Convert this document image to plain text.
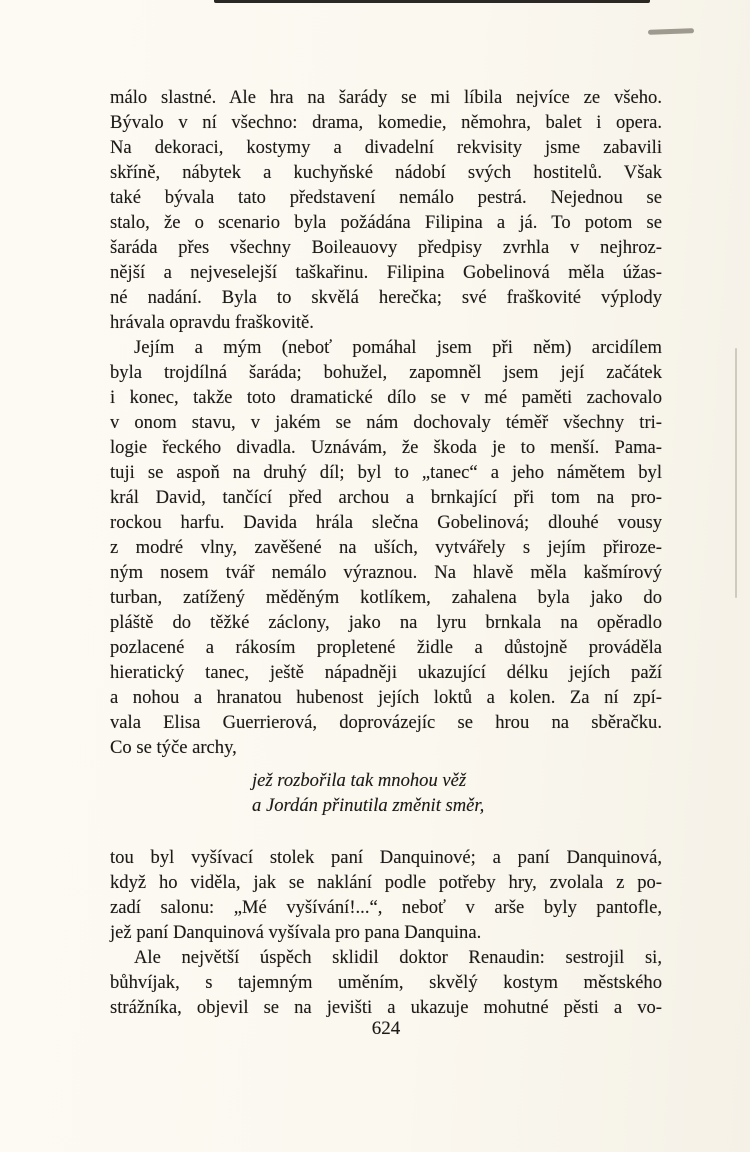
málo slastné. Ale hra na šarády se mi líbila nejvíce ze všeho.
Bývalo v ní všechno: drama, komedie, němohra, balet i opera.
Na dekoraci, kostymy a divadelní rekvisity jsme zabavili
skříně, nábytek a kuchyňské nádobí svých hostitelů. Však
také bývala tato představení nemálo pestrá. Nejednou se
stalo, že o scenario byla požádána Filipina a já. To potom se
šaráda přes všechny Boileauovy předpisy zvrhla v nejhroz-
nější a nejveselejší taškařinu. Filipina Gobelinová měla úžas-
né nadání. Byla to skvělá herečka; své fraškovité výplody
hrávala opravdu fraškovitě.
Jejím a mým (neboť pomáhal jsem při něm) arcidílem
byla trojdílná šaráda; bohužel, zapomněl jsem její začátek
i konec, takže toto dramatické dílo se v mé paměti zachovalo
v onom stavu, v jakém se nám dochovaly téměř všechny tri-
logie řeckého divadla. Uznávám, že škoda je to menší. Pama-
tuji se aspoň na druhý díl; byl to „tanec“ a jeho námětem byl
král David, tančící před archou a brnkající při tom na pro-
rockou harfu. Davida hrála slečna Gobelinová; dlouhé vousy
z modré vlny, zavěšené na uších, vytvářely s jejím přiroze-
ným nosem tvář nemálo výraznou. Na hlavě měla kašmírový
turban, zatížený měděným kotlíkem, zahalena byla jako do
pláště do těžké záclony, jako na lyru brnkala na opěradlo
pozlacené a rákosím propletené židle a důstojně prováděla
hieratický tanec, ještě nápadněji ukazující délku jejích paží
a nohou a hranatou hubenost jejích loktů a kolen. Za ní zpí-
vala Elisa Guerrierová, doprovázejíc se hrou na sběračku.
Co se týče archy,
jež rozbořila tak mnohou věž
a Jordán přinutila změnit směr,
tou byl vyšívací stolek paní Danquinové; a paní Danquinová,
když ho viděla, jak se naklání podle potřeby hry, zvolala z po-
zadí salonu: „Mé vyšívání!...“, neboť v arše byly pantofle,
jež paní Danquinová vyšívala pro pana Danquina.
Ale největší úspěch sklidil doktor Renaudin: sestrojil si,
bůhvíjak, s tajemným uměním, skvělý kostym městského
strážníka, objevil se na jevišti a ukazuje mohutné pěsti a vo-
624
